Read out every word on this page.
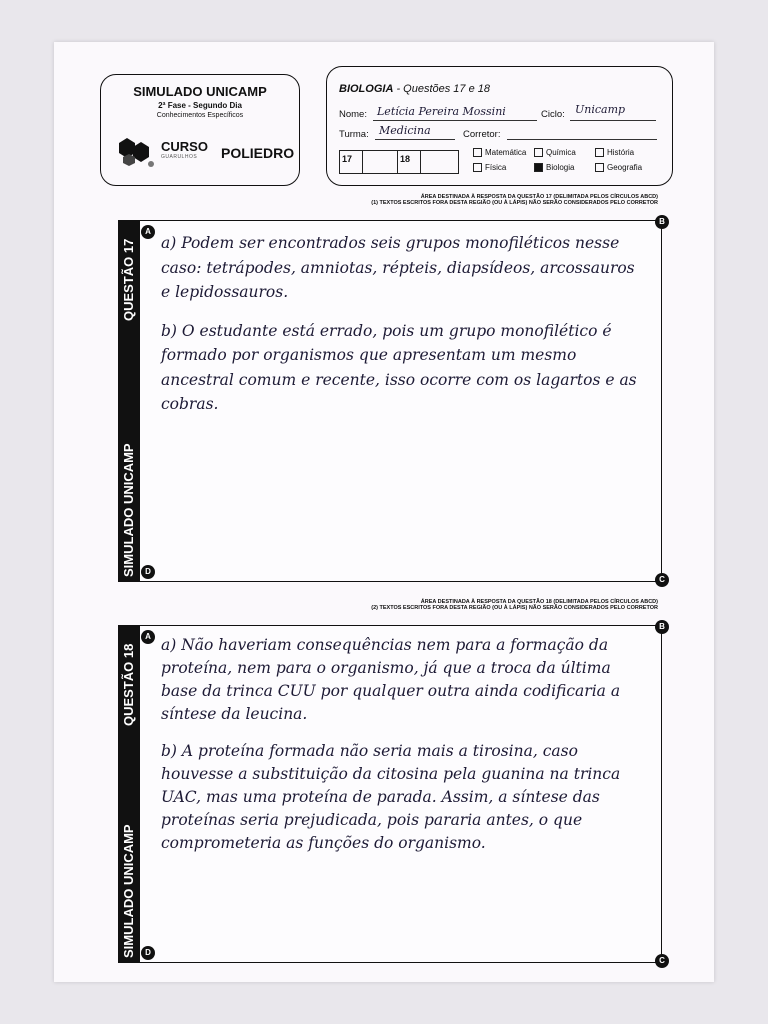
SIMULADO UNICAMP
2ª Fase - Segundo Dia
Conhecimentos Específicos
CURSO
GUARULHOS	POLIEDRO
BIOLOGIA - Questões 17 e 18
Nome: Letícia Pereira Mossini	Ciclo: Unicamp
Turma: Medicina	Corretor:
17	18
Matemática Química	História
Física	Biologia	Geografia
ÁREA DESTINADA À RESPOSTA DA QUESTÃO 17 (DELIMITADA PELOS CÍRCULOS ABCD)
(1) TEXTOS ESCRITOS FORA DESTA REGIÃO (OU À LÁPIS) NÃO SERÃO CONSIDERADOS PELO CORRETOR
SIMULADO UNICAMP
QUESTÃO 17
A
B
C
D

a) Podem ser encontrados seis grupos monofiléticos nesse caso: tetrápodes, amniotas, répteis, diapsídeos, arcossauros e lepidossauros.

b) O estudante está errado, pois um grupo monofilético é formado por organismos que apresentam um mesmo ancestral comum e recente, isso ocorre com os lagartos e as cobras.

ÁREA DESTINADA À RESPOSTA DA QUESTÃO 18 (DELIMITADA PELOS CÍRCULOS ABCD)
(2) TEXTOS ESCRITOS FORA DESTA REGIÃO (OU À LÁPIS) NÃO SERÃO CONSIDERADOS PELO CORRETOR
SIMULADO UNICAMP
QUESTÃO 18
A
B
C
D

a) Não haveriam consequências nem para a formação da proteína, nem para o organismo, já que a troca da última base da trinca CUU por qualquer outra ainda codificaria a síntese da leucina.

b) A proteína formada não seria mais a tirosina, caso houvesse a substituição da citosina pela guanina na trinca UAC, mas uma proteína de parada. Assim, a síntese das proteínas seria prejudicada, pois pararia antes, o que comprometeria as funções do organismo.
